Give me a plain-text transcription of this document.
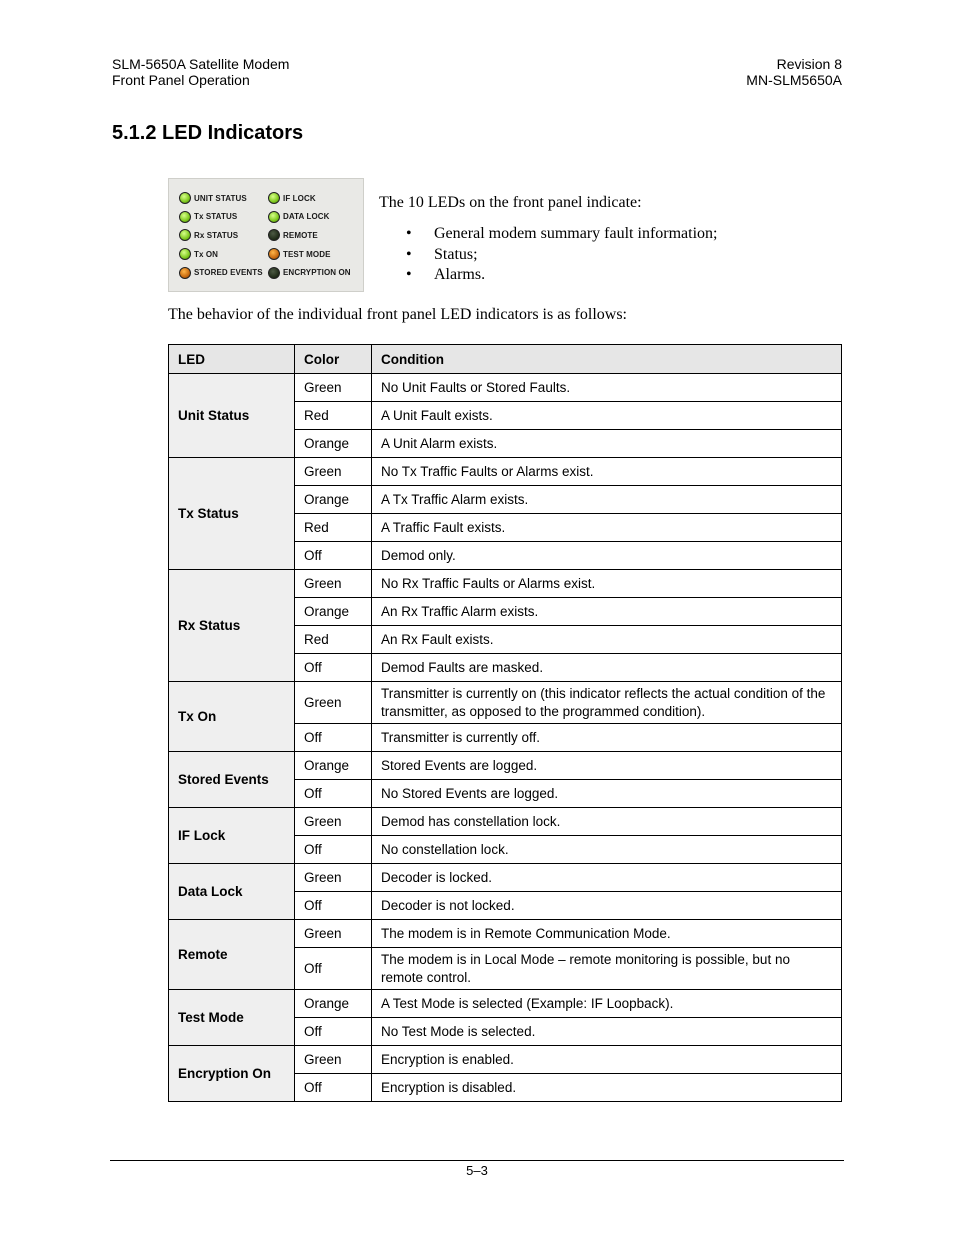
SLM-5650A Satellite Modem
Front Panel Operation
Revision 8
MN-SLM5650A
5.1.2 LED Indicators
UNIT STATUS
Tx STATUS
Rx STATUS
Tx ON
STORED EVENTS
IF LOCK
DATA LOCK
REMOTE
TEST MODE
ENCRYPTION ON
The 10 LEDs on the front panel indicate:
• General modem summary fault information;
• Status;
• Alarms.
The behavior of the individual front panel LED indicators is as follows:
LED	Color	Condition
Unit Status	Green	No Unit Faults or Stored Faults.
	Red	A Unit Fault exists.
	Orange	A Unit Alarm exists.
Tx Status	Green	No Tx Traffic Faults or Alarms exist.
	Orange	A Tx Traffic Alarm exists.
	Red	A Traffic Fault exists.
	Off	Demod only.
Rx Status	Green	No Rx Traffic Faults or Alarms exist.
	Orange	An Rx Traffic Alarm exists.
	Red	An Rx Fault exists.
	Off	Demod Faults are masked.
Tx On	Green	Transmitter is currently on (this indicator reflects the actual condition of the transmitter, as opposed to the programmed condition).
	Off	Transmitter is currently off.
Stored Events	Orange	Stored Events are logged.
	Off	No Stored Events are logged.
IF Lock	Green	Demod has constellation lock.
	Off	No constellation lock.
Data Lock	Green	Decoder is locked.
	Off	Decoder is not locked.
Remote	Green	The modem is in Remote Communication Mode.
	Off	The modem is in Local Mode – remote monitoring is possible, but no remote control.
Test Mode	Orange	A Test Mode is selected (Example: IF Loopback).
	Off	No Test Mode is selected.
Encryption On	Green	Encryption is enabled.
	Off	Encryption is disabled.
5–3
